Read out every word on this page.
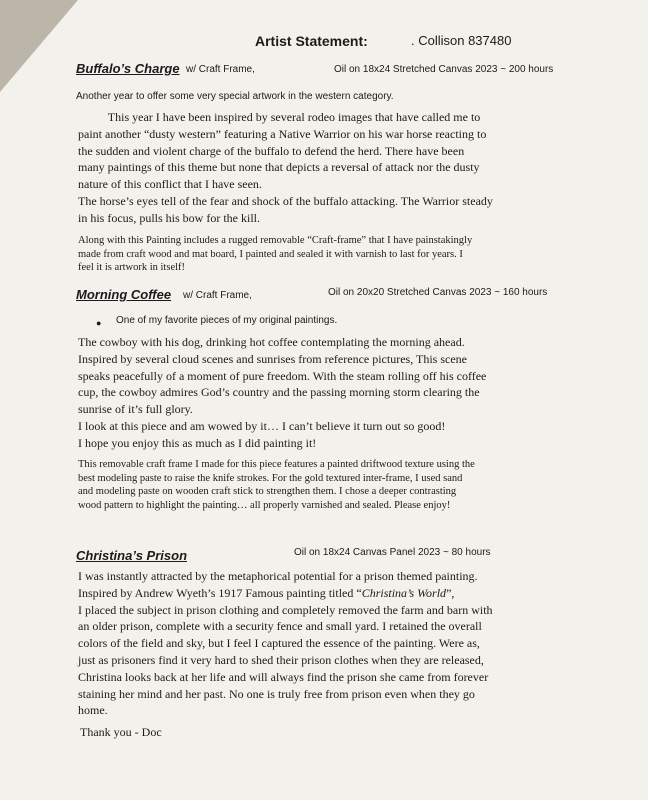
Artist Statement:	. Collison 837480
Buffalo’s Charge w/ Craft Frame,	Oil on 18x24 Stretched Canvas 2023 ~ 200 hours
Another year to offer some very special artwork in the western category.
This year I have been inspired by several rodeo images that have called me to
paint another “dusty western” featuring a Native Warrior on his war horse reacting to
the sudden and violent charge of the buffalo to defend the herd. There have been
many paintings of this theme but none that depicts a reversal of attack nor the dusty
nature of this conflict that I have seen.
The horse’s eyes tell of the fear and shock of the buffalo attacking. The Warrior steady
in his focus, pulls his bow for the kill.
Along with this Painting includes a rugged removable “Craft-frame” that I have painstakingly
made from craft wood and mat board, I painted and sealed it with varnish to last for years. I
feel it is artwork in itself!
Morning Coffee w/ Craft Frame,	Oil on 20x20 Stretched Canvas 2023 ~ 160 hours
● One of my favorite pieces of my original paintings.
The cowboy with his dog, drinking hot coffee contemplating the morning ahead.
Inspired by several cloud scenes and sunrises from reference pictures, This scene
speaks peacefully of a moment of pure freedom. With the steam rolling off his coffee
cup, the cowboy admires God’s country and the passing morning storm clearing the
sunrise of it’s full glory.
I look at this piece and am wowed by it… I can’t believe it turn out so good!
I hope you enjoy this as much as I did painting it!
This removable craft frame I made for this piece features a painted driftwood texture using the
best modeling paste to raise the knife strokes. For the gold textured inter-frame, I used sand
and modeling paste on wooden craft stick to strengthen them. I chose a deeper contrasting
wood pattern to highlight the painting… all properly varnished and sealed. Please enjoy!
Christina’s Prison	Oil on 18x24 Canvas Panel 2023 ~ 80 hours
I was instantly attracted by the metaphorical potential for a prison themed painting.
Inspired by Andrew Wyeth’s 1917 Famous painting titled “Christina’s World”,
I placed the subject in prison clothing and completely removed the farm and barn with
an older prison, complete with a security fence and small yard. I retained the overall
colors of the field and sky, but I feel I captured the essence of the painting. Were as,
just as prisoners find it very hard to shed their prison clothes when they are released,
Christina looks back at her life and will always find the prison she came from forever
staining her mind and her past. No one is truly free from prison even when they go
home.
Thank you - Doc
